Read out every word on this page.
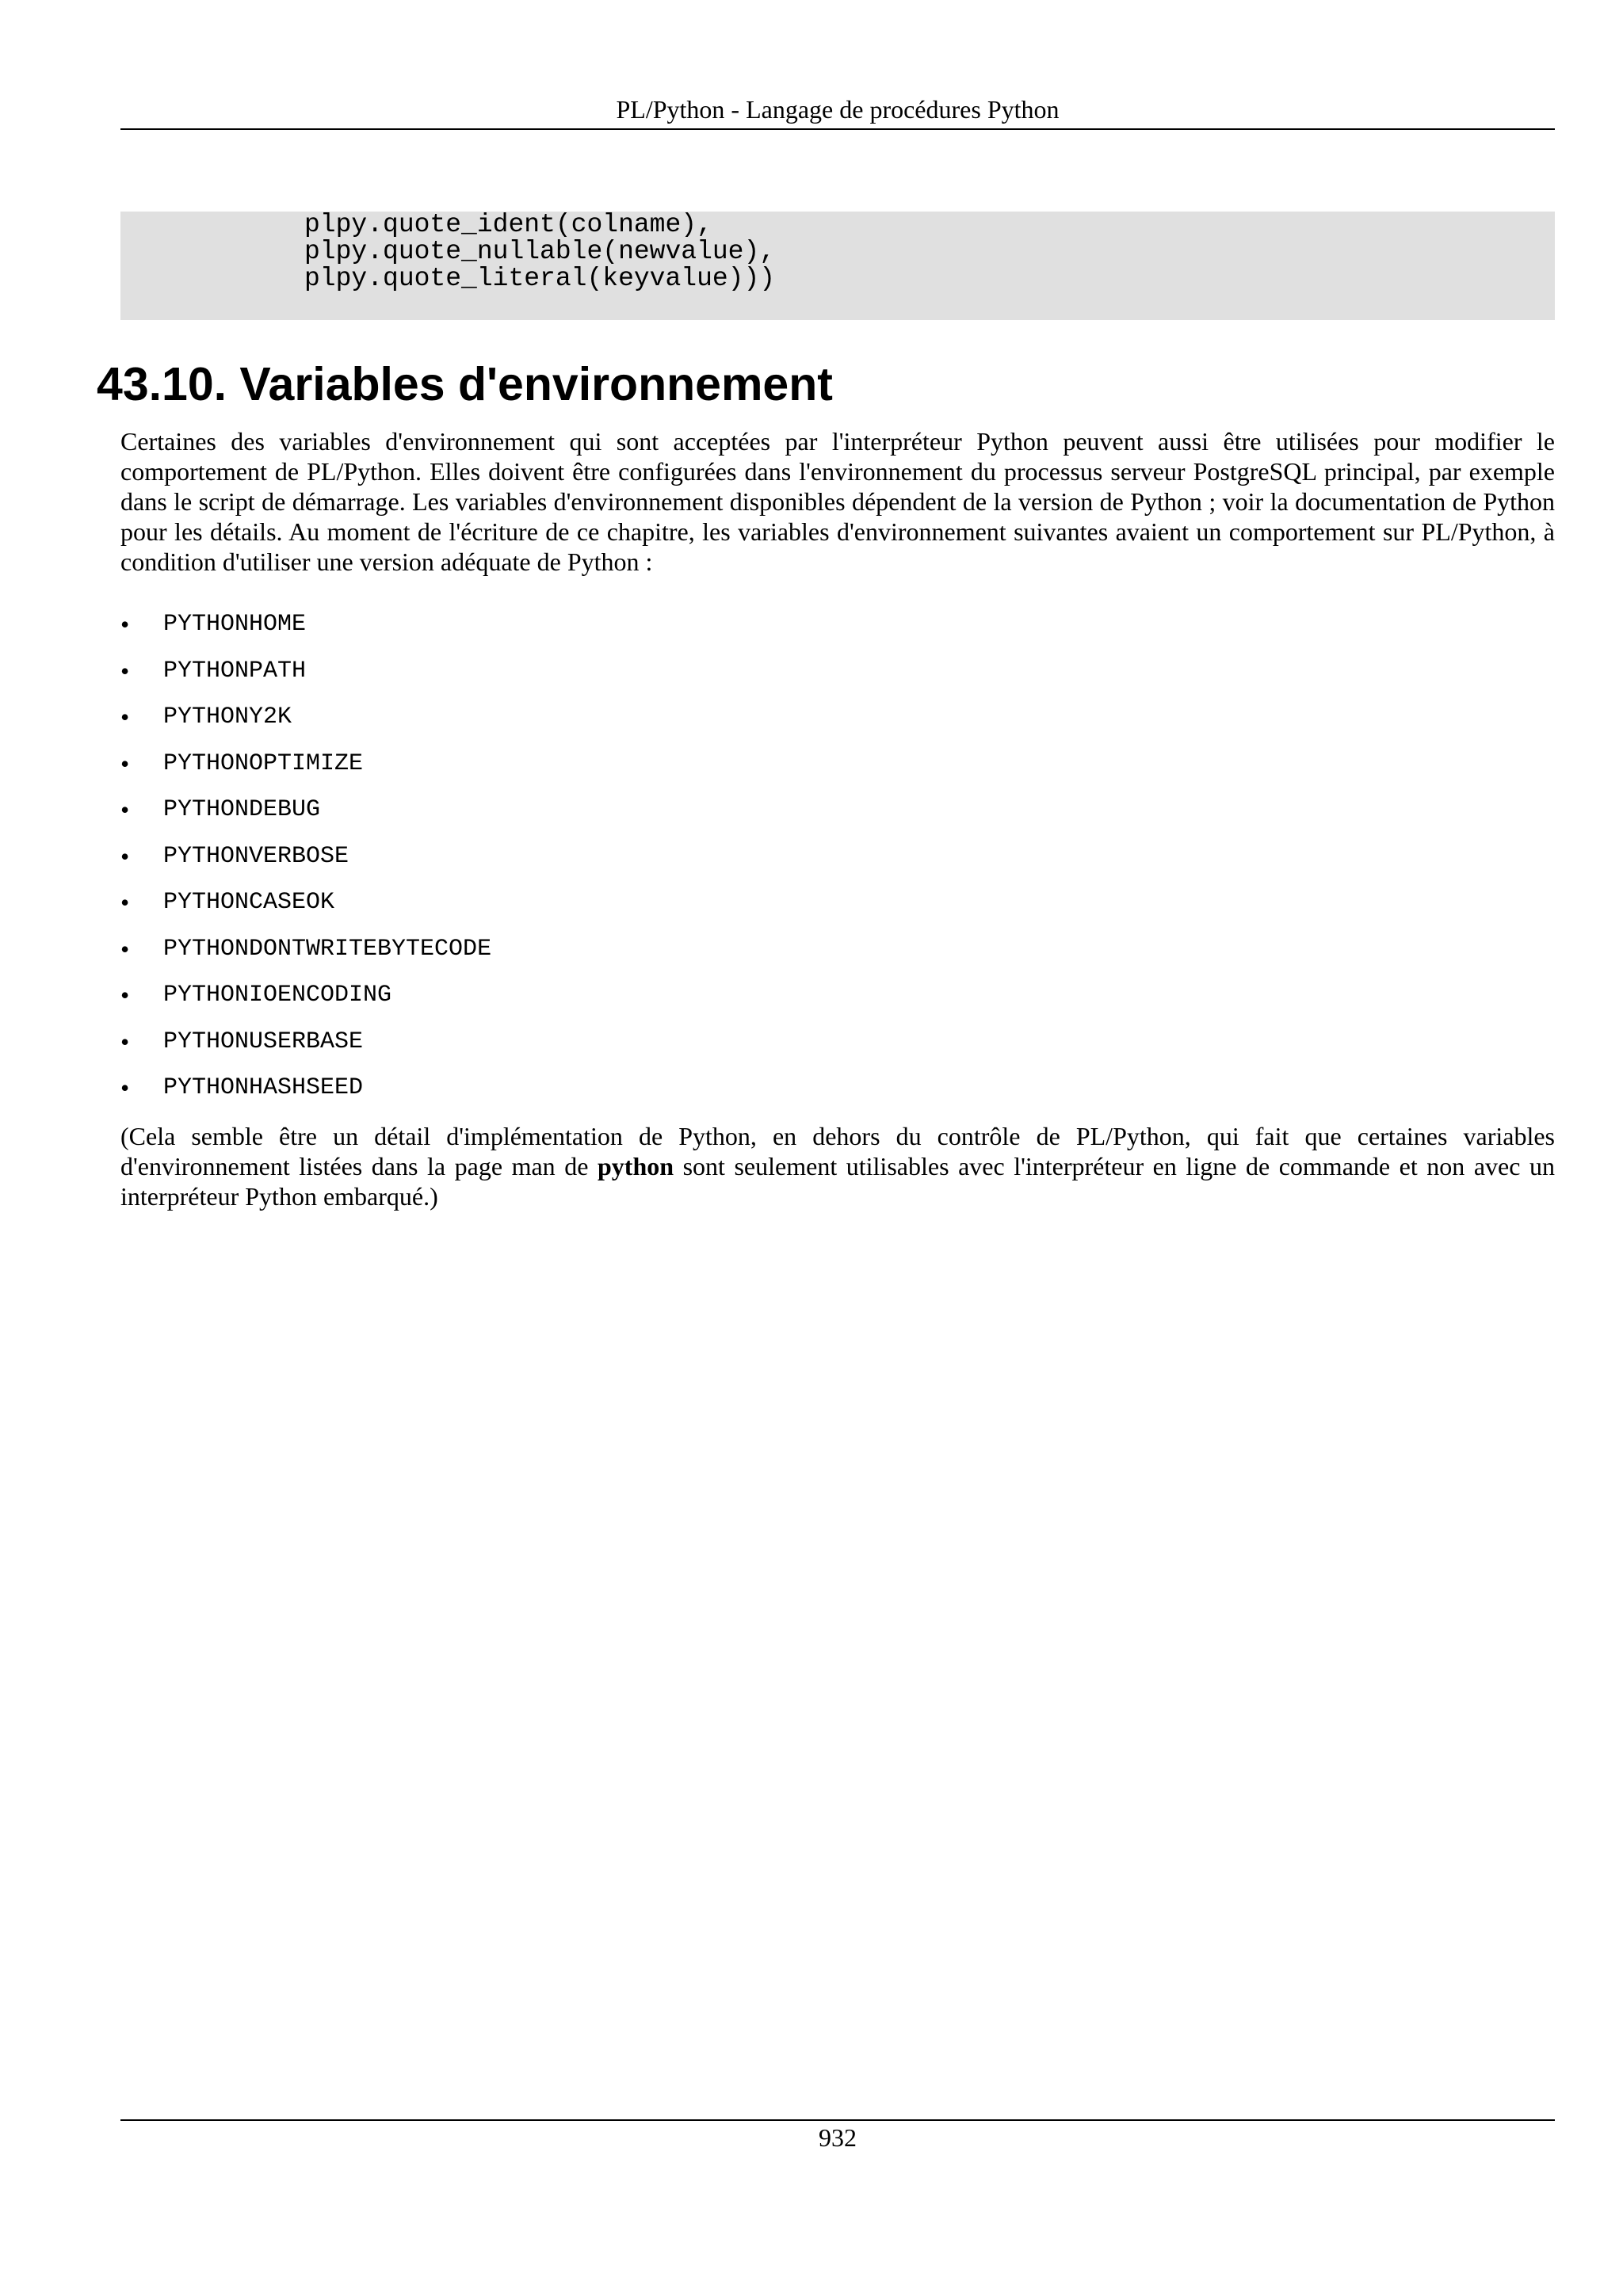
PL/Python - Langage de procédures Python
plpy.quote_ident(colname),
plpy.quote_nullable(newvalue),
plpy.quote_literal(keyvalue)))
43.10. Variables d'environnement

Certaines des variables d'environnement qui sont acceptées par l'interpréteur Python peuvent aussi être utilisées pour modifier le comportement de PL/Python. Elles doivent être configurées dans l'environnement du processus serveur PostgreSQL principal, par exemple dans le script de démarrage. Les variables d'environnement disponibles dépendent de la version de Python ; voir la documentation de Python pour les détails. Au moment de l'écriture de ce chapitre, les variables d'environnement suivantes avaient un comportement sur PL/Python, à condition d'utiliser une version adéquate de Python :

•	PYTHONHOME
•	PYTHONPATH
•	PYTHONY2K
•	PYTHONOPTIMIZE
•	PYTHONDEBUG
•	PYTHONVERBOSE
•	PYTHONCASEOK
•	PYTHONDONTWRITEBYTECODE
•	PYTHONIOENCODING
•	PYTHONUSERBASE
•	PYTHONHASHSEED

(Cela semble être un détail d'implémentation de Python, en dehors du contrôle de PL/Python, qui fait que certaines variables d'environnement listées dans la page man de python sont seulement utilisables avec l'interpréteur en ligne de commande et non avec un interpréteur Python embarqué.)

932
